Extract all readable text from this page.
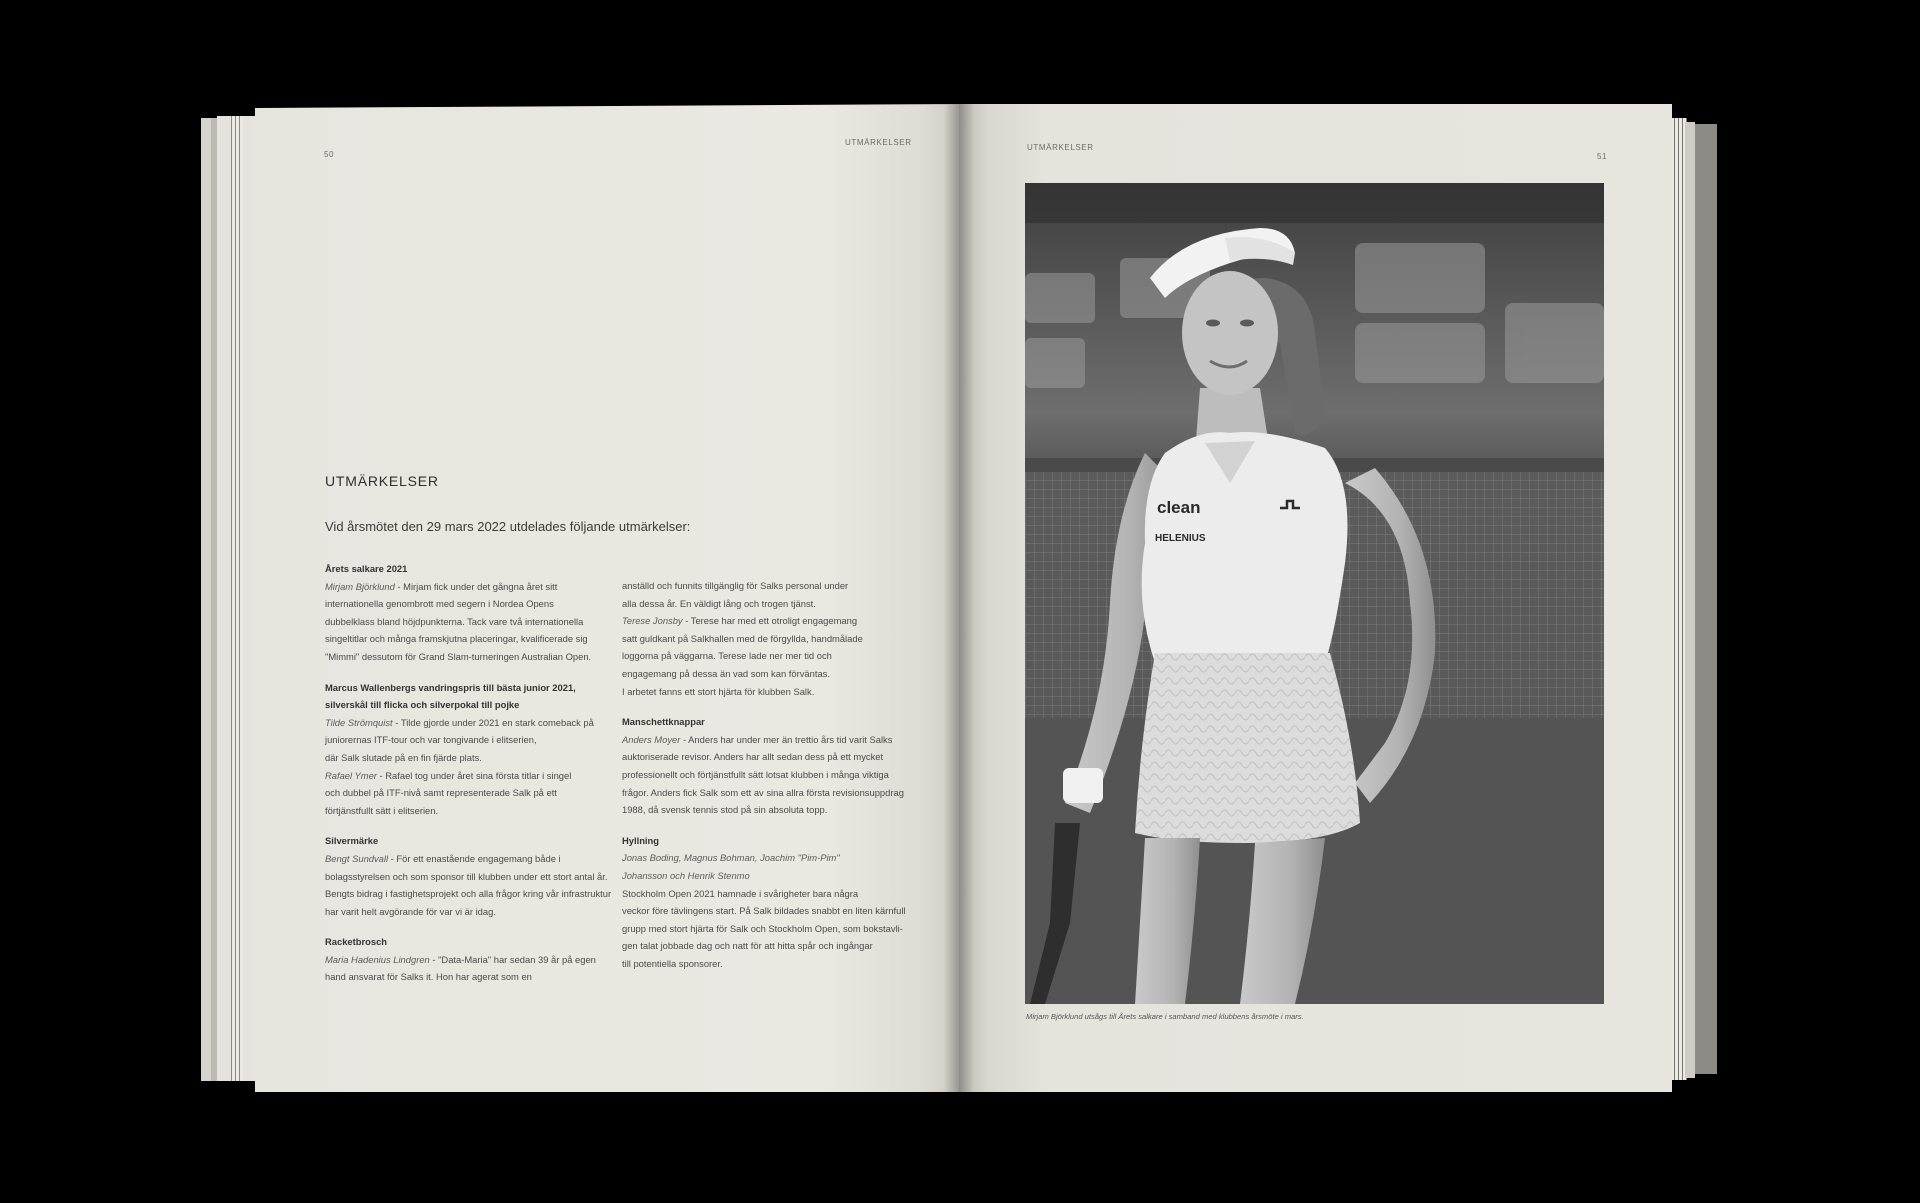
50
UTMÄRKELSER
UTMÄRKELSER
51
UTMÄRKELSER
Vid årsmötet den 29 mars 2022 utdelades följande utmärkelser:
Årets salkare 2021
Mirjam Björklund - Mirjam fick under det gångna året sitt
internationella genombrott med segern i Nordea Opens
dubbelklass bland höjdpunkterna. Tack vare två internationella
singeltitlar och många framskjutna placeringar, kvalificerade sig
"Mimmi" dessutom för Grand Slam-turneringen Australian Open.
Marcus Wallenbergs vandringspris till bästa junior 2021,
silverskål till flicka och silverpokal till pojke
Tilde Strömquist - Tilde gjorde under 2021 en stark comeback på
juniorernas ITF-tour och var tongivande i elitserien,
där Salk slutade på en fin fjärde plats.
Rafael Ymer - Rafael tog under året sina första titlar i singel
och dubbel på ITF-nivå samt representerade Salk på ett
förtjänstfullt sätt i elitserien.
Silvermärke
Bengt Sundvall - För ett enastående engagemang både i
bolagsstyrelsen och som sponsor till klubben under ett stort antal år.
Bengts bidrag i fastighetsprojekt och alla frågor kring vår infrastruktur
har varit helt avgörande för var vi är idag.
Racketbrosch
Maria Hadenius Lindgren - "Data-Maria" har sedan 39 år på egen
hand ansvarat för Salks it. Hon har agerat som en
anställd och funnits tillgänglig för Salks personal under
alla dessa år. En väldigt lång och trogen tjänst.
Terese Jonsby - Terese har med ett otroligt engagemang
satt guldkant på Salkhallen med de förgyllda, handmålade
loggorna på väggarna. Terese lade ner mer tid och
engagemang på dessa än vad som kan förväntas.
I arbetet fanns ett stort hjärta för klubben Salk.
Manschettknappar
Anders Moyer - Anders har under mer än trettio års tid varit Salks
auktoriserade revisor. Anders har allt sedan dess på ett mycket
professionellt och förtjänstfullt sätt lotsat klubben i många viktiga
frågor. Anders fick Salk som ett av sina allra första revisionsuppdrag
1988, då svensk tennis stod på sin absoluta topp.
Hyllning
Jonas Boding, Magnus Bohman, Joachim "Pim-Pim"
Johansson och Henrik Stenmo
Stockholm Open 2021 hamnade i svårigheter bara några
veckor före tävlingens start. På Salk bildades snabbt en liten kärnfull
grupp med stort hjärta för Salk och Stockholm Open, som bokstavli-
gen talat jobbade dag och natt för att hitta spår och ingångar
till potentiella sponsorer.
clean
HELENIUS
Mirjam Björklund utsågs till Årets salkare i samband med klubbens årsmöte i mars.
